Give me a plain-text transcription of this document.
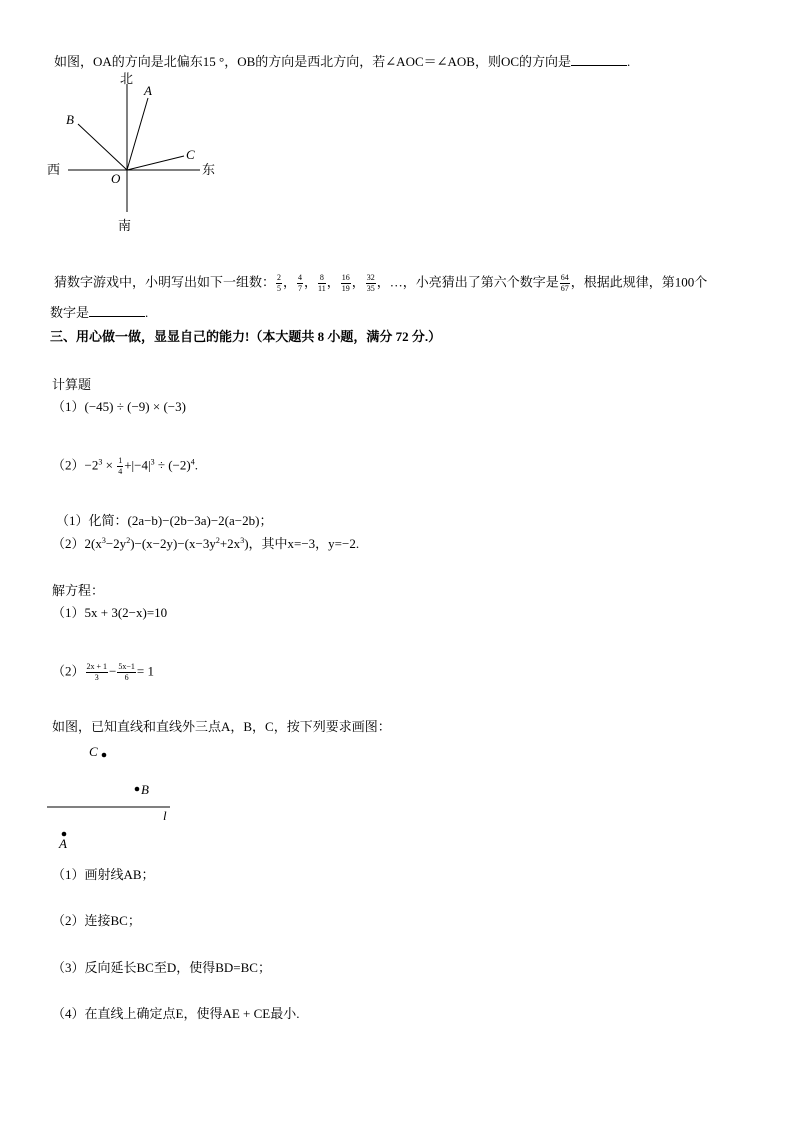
如图，OA的方向是北偏东15 °，OB的方向是西北方向，若∠AOC＝∠AOB，则OC的方向是	.
北
A
B
C
西	东
O
南
猜数字游戏中，小明写出如下一组数： $\frac{2}{5}$ ， $\frac{4}{7}$ ， $\frac{8}{11}$ ， $\frac{16}{19}$ ， $\frac{32}{35}$ ，…，小亮猜出了第六个数字是 $\frac{64}{67}$ ，根据此规律，第100个
数字是	.
三、用心做一做，显显自己的能力!（本大题共 8 小题，满分 72 分.）
计算题
（1）(−45) ÷ (−9) × (−3)
$(2)-2^3 \times \frac{1}{4} +|-4|^3 \div (-2)^4$.
（1）化简：(2a−b)−(2b−3a)−2(a−2b)；
$(2)2(x^3-2y^2)-(x-2y)-(x-3y^2+2x^3)$，其中x=−3，y=−2.
解方程：
（1）5x + 3(2−x)=10
$(2) \frac{2x + 1}{3} - \frac{5x-1}{6} = 1$
如图，已知直线和直线外三点A，B，C，按下列要求画图：
C
B
l
A
（1）画射线AB；
（2）连接BC；
（3）反向延长BC至D，使得BD=BC；
（4）在直线上确定点E，使得AE + CE最小.
